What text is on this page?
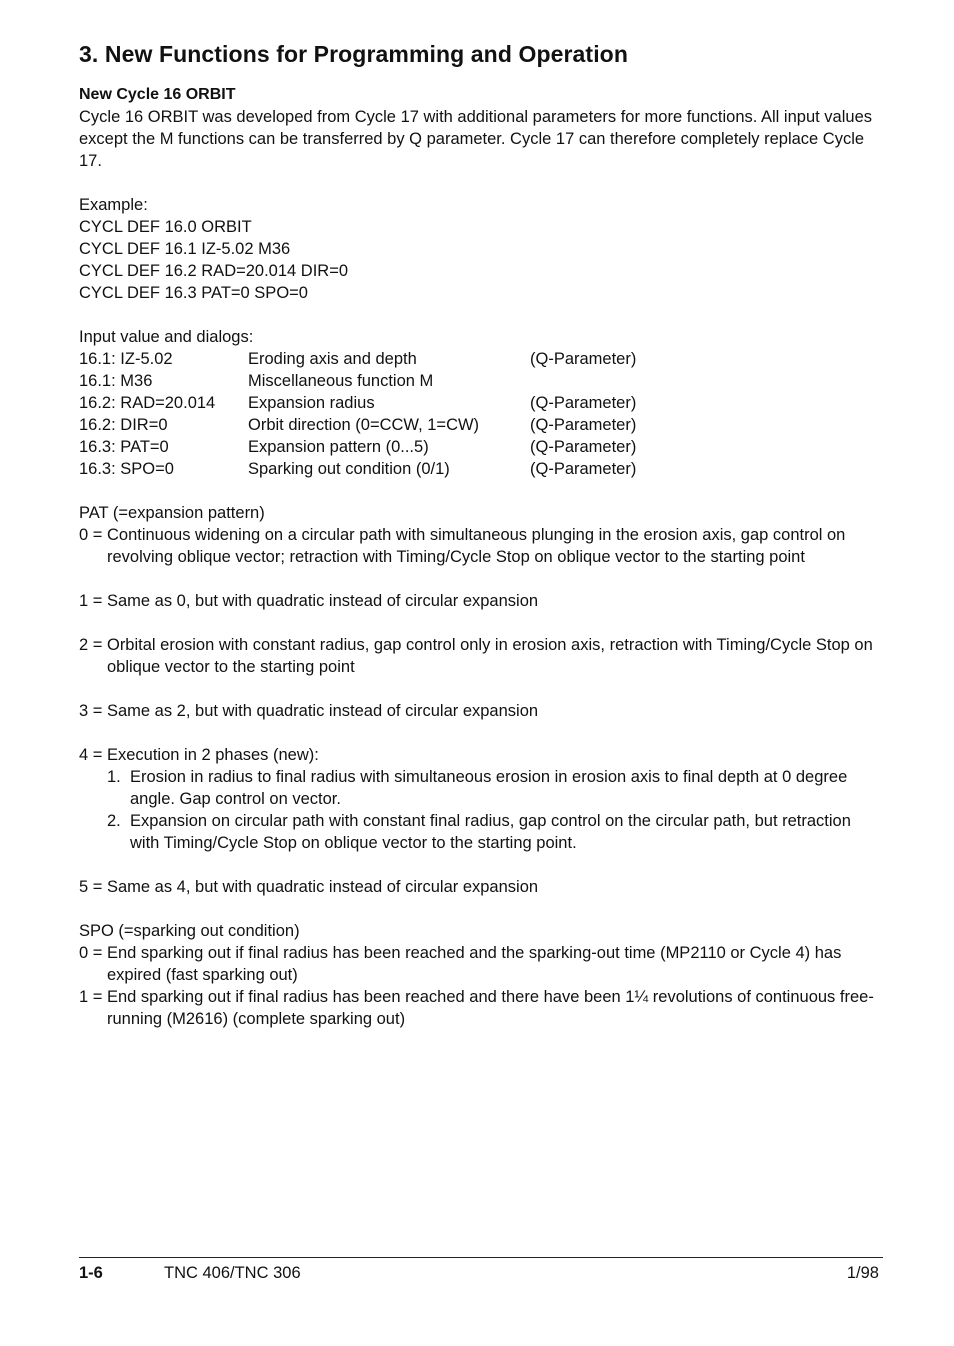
3. New Functions for Programming and Operation
New Cycle 16 ORBIT
Cycle 16 ORBIT was developed from Cycle 17 with additional parameters for more functions. All input values except the M functions can be transferred by Q parameter. Cycle 17 can therefore completely replace Cycle 17.
Example:
CYCL DEF 16.0 ORBIT
CYCL DEF 16.1 IZ-5.02 M36
CYCL DEF 16.2 RAD=20.014 DIR=0
CYCL DEF 16.3 PAT=0 SPO=0
Input value and dialogs:
16.1: IZ-5.02	Eroding axis and depth	(Q-Parameter)
16.1: M36	Miscellaneous function M	
16.2: RAD=20.014	Expansion radius	(Q-Parameter)
16.2: DIR=0	Orbit direction (0=CCW, 1=CW)	(Q-Parameter)
16.3: PAT=0	Expansion pattern (0...5)	(Q-Parameter)
16.3: SPO=0	Sparking out condition (0/1)	(Q-Parameter)
PAT (=expansion pattern)
0 = Continuous widening on a circular path with simultaneous plunging in the erosion axis, gap control on revolving oblique vector; retraction with Timing/Cycle Stop on oblique vector to the starting point
1 = Same as 0, but with quadratic instead of circular expansion
2 = Orbital erosion with constant radius, gap control only in erosion axis, retraction with Timing/Cycle Stop on oblique vector to the starting point
3 = Same as 2, but with quadratic instead of circular expansion
4 = Execution in 2 phases (new):
1. Erosion in radius to final radius with simultaneous erosion in erosion axis to final depth at 0 degree angle. Gap control on vector.
2. Expansion on circular path with constant final radius, gap control on the circular path, but retraction with Timing/Cycle Stop on oblique vector to the starting point.
5 = Same as 4, but with quadratic instead of circular expansion
SPO (=sparking out condition)
0 = End sparking out if final radius has been reached and the sparking-out time (MP2110 or Cycle 4) has expired (fast sparking out)
1 = End sparking out if final radius has been reached and there have been 1¼ revolutions of continuous free-running (M2616) (complete sparking out)
1-6	TNC 406/TNC 306	1/98
